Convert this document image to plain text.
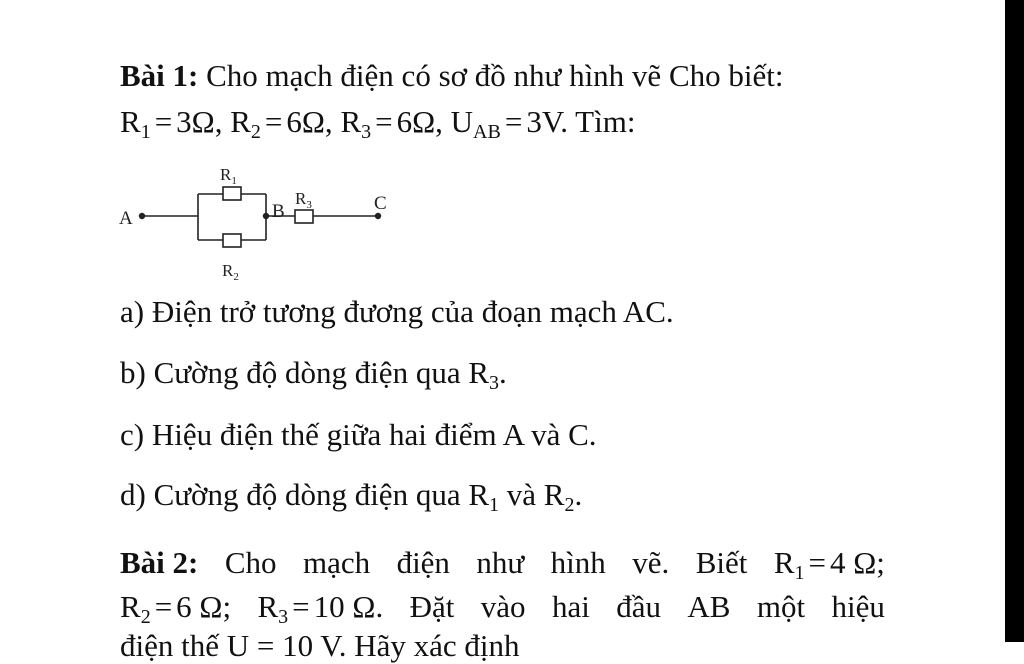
Bài 1: Cho mạch điện có sơ đồ như hình vẽ Cho biết:
$R_1 = 3\Omega$, $R_2 = 6\Omega$, $R_3 = 6\Omega$, $U_{AB} = 3V$. Tìm:
A	B	C
$R_1$
$R_2$
$R_3$
a) Điện trở tương đương của đoạn mạch AC.
b) Cường độ dòng điện qua $R_3$.
c) Hiệu điện thế giữa hai điểm A và C.
d) Cường độ dòng điện qua $R_1$ và $R_2$.
Bài 2: Cho mạch điện như hình vẽ. Biết $R_1 = 4$ Ω;
$R_2 = 6$ Ω; $R_3 = 10$ Ω. Đặt vào hai đầu AB một hiệu
điện thế U = 10 V. Hãy xác định
